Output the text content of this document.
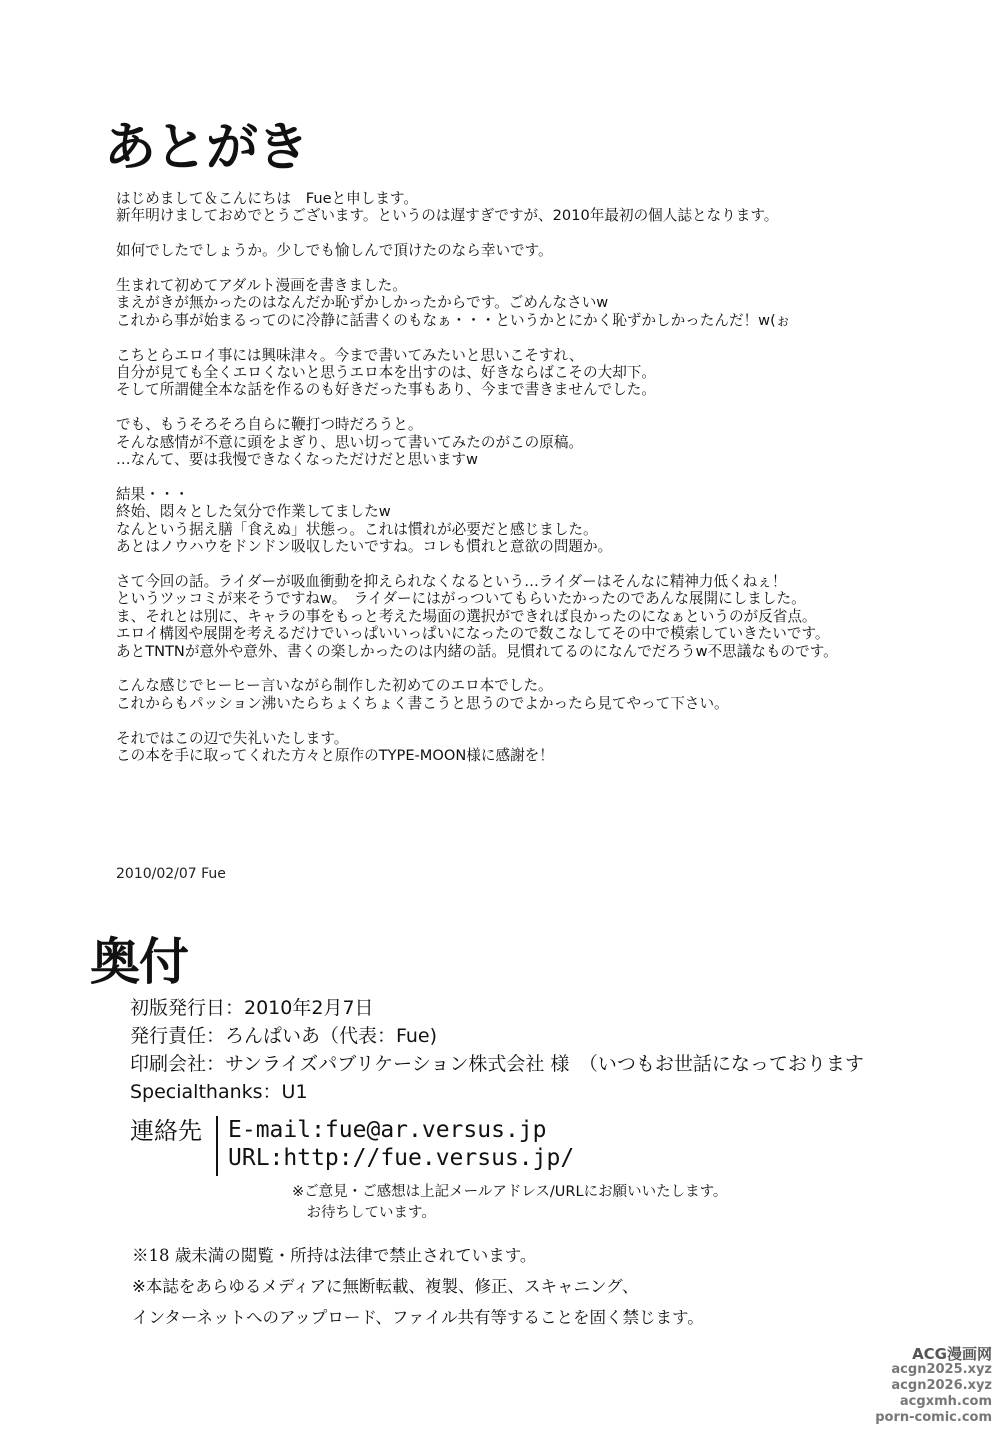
あとがき
はじめまして＆こんにちは　Fueと申します。
新年明けましておめでとうございます。というのは遅すぎですが、2010年最初の個人誌となります。

如何でしたでしょうか。少しでも愉しんで頂けたのなら幸いです。

生まれて初めてアダルト漫画を書きました。
まえがきが無かったのはなんだか恥ずかしかったからです。ごめんなさいw
これから事が始まるってのに冷静に話書くのもなぁ・・・というかとにかく恥ずかしかったんだ！w(ぉ

こちとらエロイ事には興味津々。今まで書いてみたいと思いこそすれ、
自分が見ても全くエロくないと思うエロ本を出すのは、好きならばこその大却下。
そして所謂健全本な話を作るのも好きだった事もあり、今まで書きませんでした。

でも、もうそろそろ自らに鞭打つ時だろうと。
そんな感情が不意に頭をよぎり、思い切って書いてみたのがこの原稿。
…なんて、要は我慢できなくなっただけだと思いますw

結果・・・
終始、悶々とした気分で作業してましたw
なんという据え膳「食えぬ」状態っ。これは慣れが必要だと感じました。
あとはノウハウをドンドン吸収したいですね。コレも慣れと意欲の問題か。

さて今回の話。ライダーが吸血衝動を抑えられなくなるという…ライダーはそんなに精神力低くねぇ！
というツッコミが来そうですねw。　ライダーにはがっついてもらいたかったのであんな展開にしました。
ま、それとは別に、キャラの事をもっと考えた場面の選択ができれば良かったのになぁというのが反省点。
エロイ構図や展開を考えるだけでいっぱいいっぱいになったので数こなしてその中で模索していきたいです。
あとTNTNが意外や意外、書くの楽しかったのは内緒の話。見慣れてるのになんでだろうw不思議なものです。

こんな感じでヒーヒー言いながら制作した初めてのエロ本でした。
これからもパッション沸いたらちょくちょく書こうと思うのでよかったら見てやって下さい。

それではこの辺で失礼いたします。
この本を手に取ってくれた方々と原作のTYPE-MOON様に感謝を！
2010/02/07 Fue
奥付
初版発行日：2010年2月7日
発行責任：ろんぱいあ（代表：Fue)
印刷会社：サンライズパブリケーション株式会社 様　（いつもお世話になっております
Specialthanks：U1
連絡先	E-mail:fue@ar.versus.jp
URL:http://fue.versus.jp/
※ご意見・ご感想は上記メールアドレス/URLにお願いいたします。
　お待ちしています。
※18 歳未満の閲覧・所持は法律で禁止されています。
※本誌をあらゆるメディアに無断転載、複製、修正、スキャニング、
インターネットへのアップロード、ファイル共有等することを固く禁じます。
ACG漫画网
acgn2025.xyz
acgn2026.xyz
acgxmh.com
porn-comic.com
